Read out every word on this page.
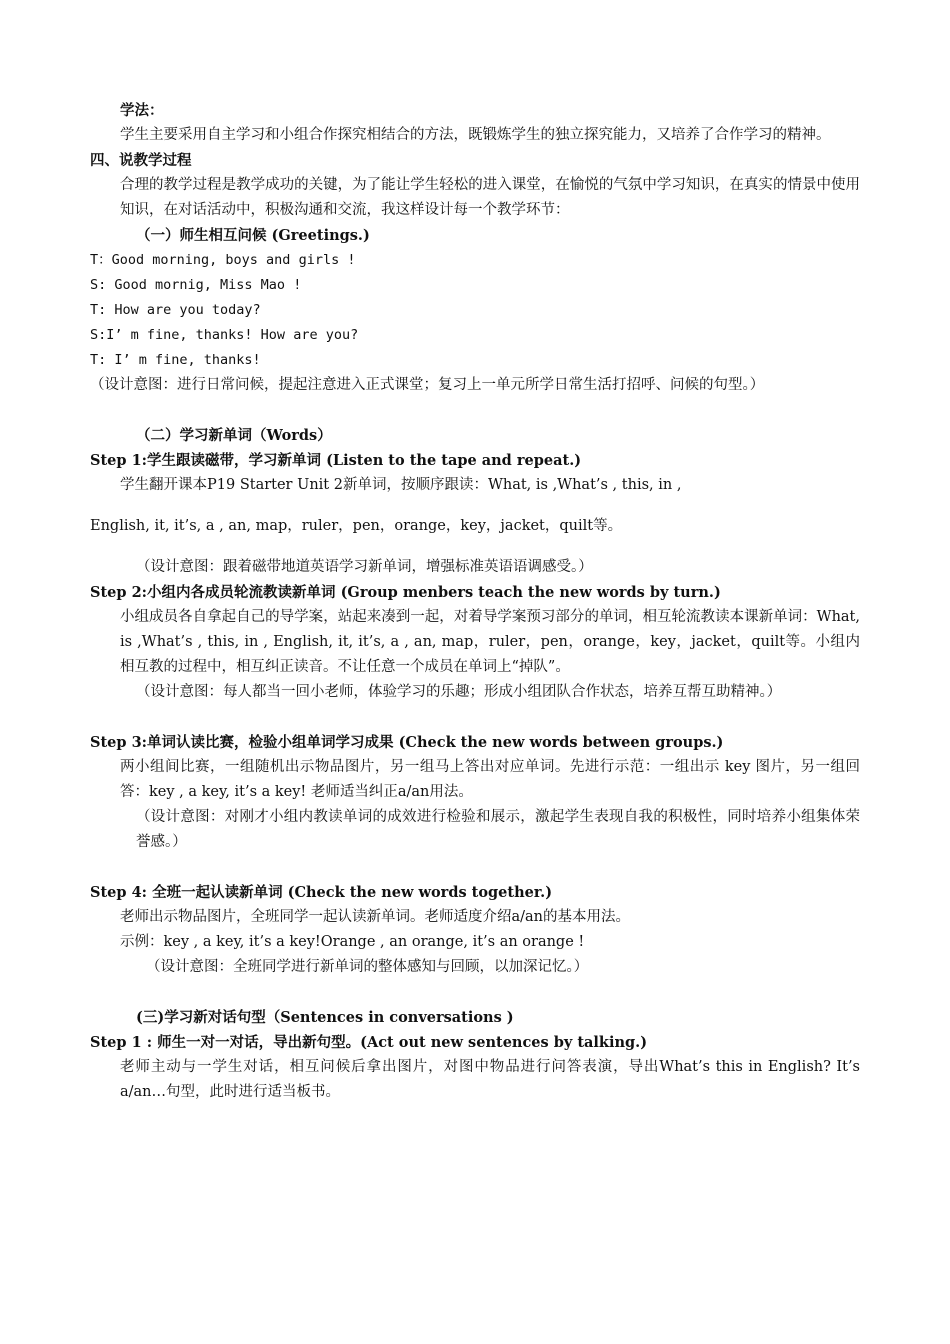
学法：
学生主要采用自主学习和小组合作探究相结合的方法，既锻炼学生的独立探究能力，又培养了合作学习的精神。
四、说教学过程
合理的教学过程是教学成功的关键，为了能让学生轻松的进入课堂，在愉悦的气氛中学习知识，在真实的情景中使用知识，在对话活动中，积极沟通和交流，我这样设计每一个教学环节：
（一）师生相互问候 (Greetings.)
T：Good morning, boys and girls !
S: Good mornig, Miss Mao !
T: How are you today?
S:I’ m fine, thanks! How are you?
T: I’ m fine, thanks!
（设计意图：进行日常问候，提起注意进入正式课堂；复习上一单元所学日常生活打招呼、问候的句型。）
（二）学习新单词（Words）
Step 1:学生跟读磁带，学习新单词 (Listen to the tape and repeat.)
学生翻开课本P19 Starter Unit 2新单词，按顺序跟读：What, is ,What’s , this, in ,
English, it, it’s, a , an, map，ruler，pen，orange，key，jacket，quilt等。
（设计意图：跟着磁带地道英语学习新单词，增强标准英语语调感受。）
Step 2:小组内各成员轮流教读新单词 (Group menbers teach the new words by turn.)
小组成员各自拿起自己的导学案，站起来凑到一起，对着导学案预习部分的单词，相互轮流教读本课新单词：What, is ,What’s , this, in , English, it, it’s, a , an, map，ruler，pen，orange，key，jacket，quilt等。小组内相互教的过程中，相互纠正读音。不让任意一个成员在单词上“掉队”。
（设计意图：每人都当一回小老师，体验学习的乐趣；形成小组团队合作状态，培养互帮互助精神。）
Step 3:单词认读比赛，检验小组单词学习成果 (Check the new words between groups.)
两小组间比赛，一组随机出示物品图片，另一组马上答出对应单词。先进行示范：一组出示 key 图片，另一组回答：key , a key, it’s a key! 老师适当纠正a/an用法。
（设计意图：对刚才小组内教读单词的成效进行检验和展示，激起学生表现自我的积极性，同时培养小组集体荣誉感。）
Step 4: 全班一起认读新单词 (Check the new words together.)
老师出示物品图片，全班同学一起认读新单词。老师适度介绍a/an的基本用法。
示例：key , a key, it’s a key!Orange , an orange, it’s an orange !
（设计意图：全班同学进行新单词的整体感知与回顾，以加深记忆。）
(三)学习新对话句型（Sentences in conversations )
Step 1 : 师生一对一对话，导出新句型。(Act out new sentences by talking.)
老师主动与一学生对话，相互问候后拿出图片，对图中物品进行问答表演，导出What’s this in English? It’s a/an…句型，此时进行适当板书。
